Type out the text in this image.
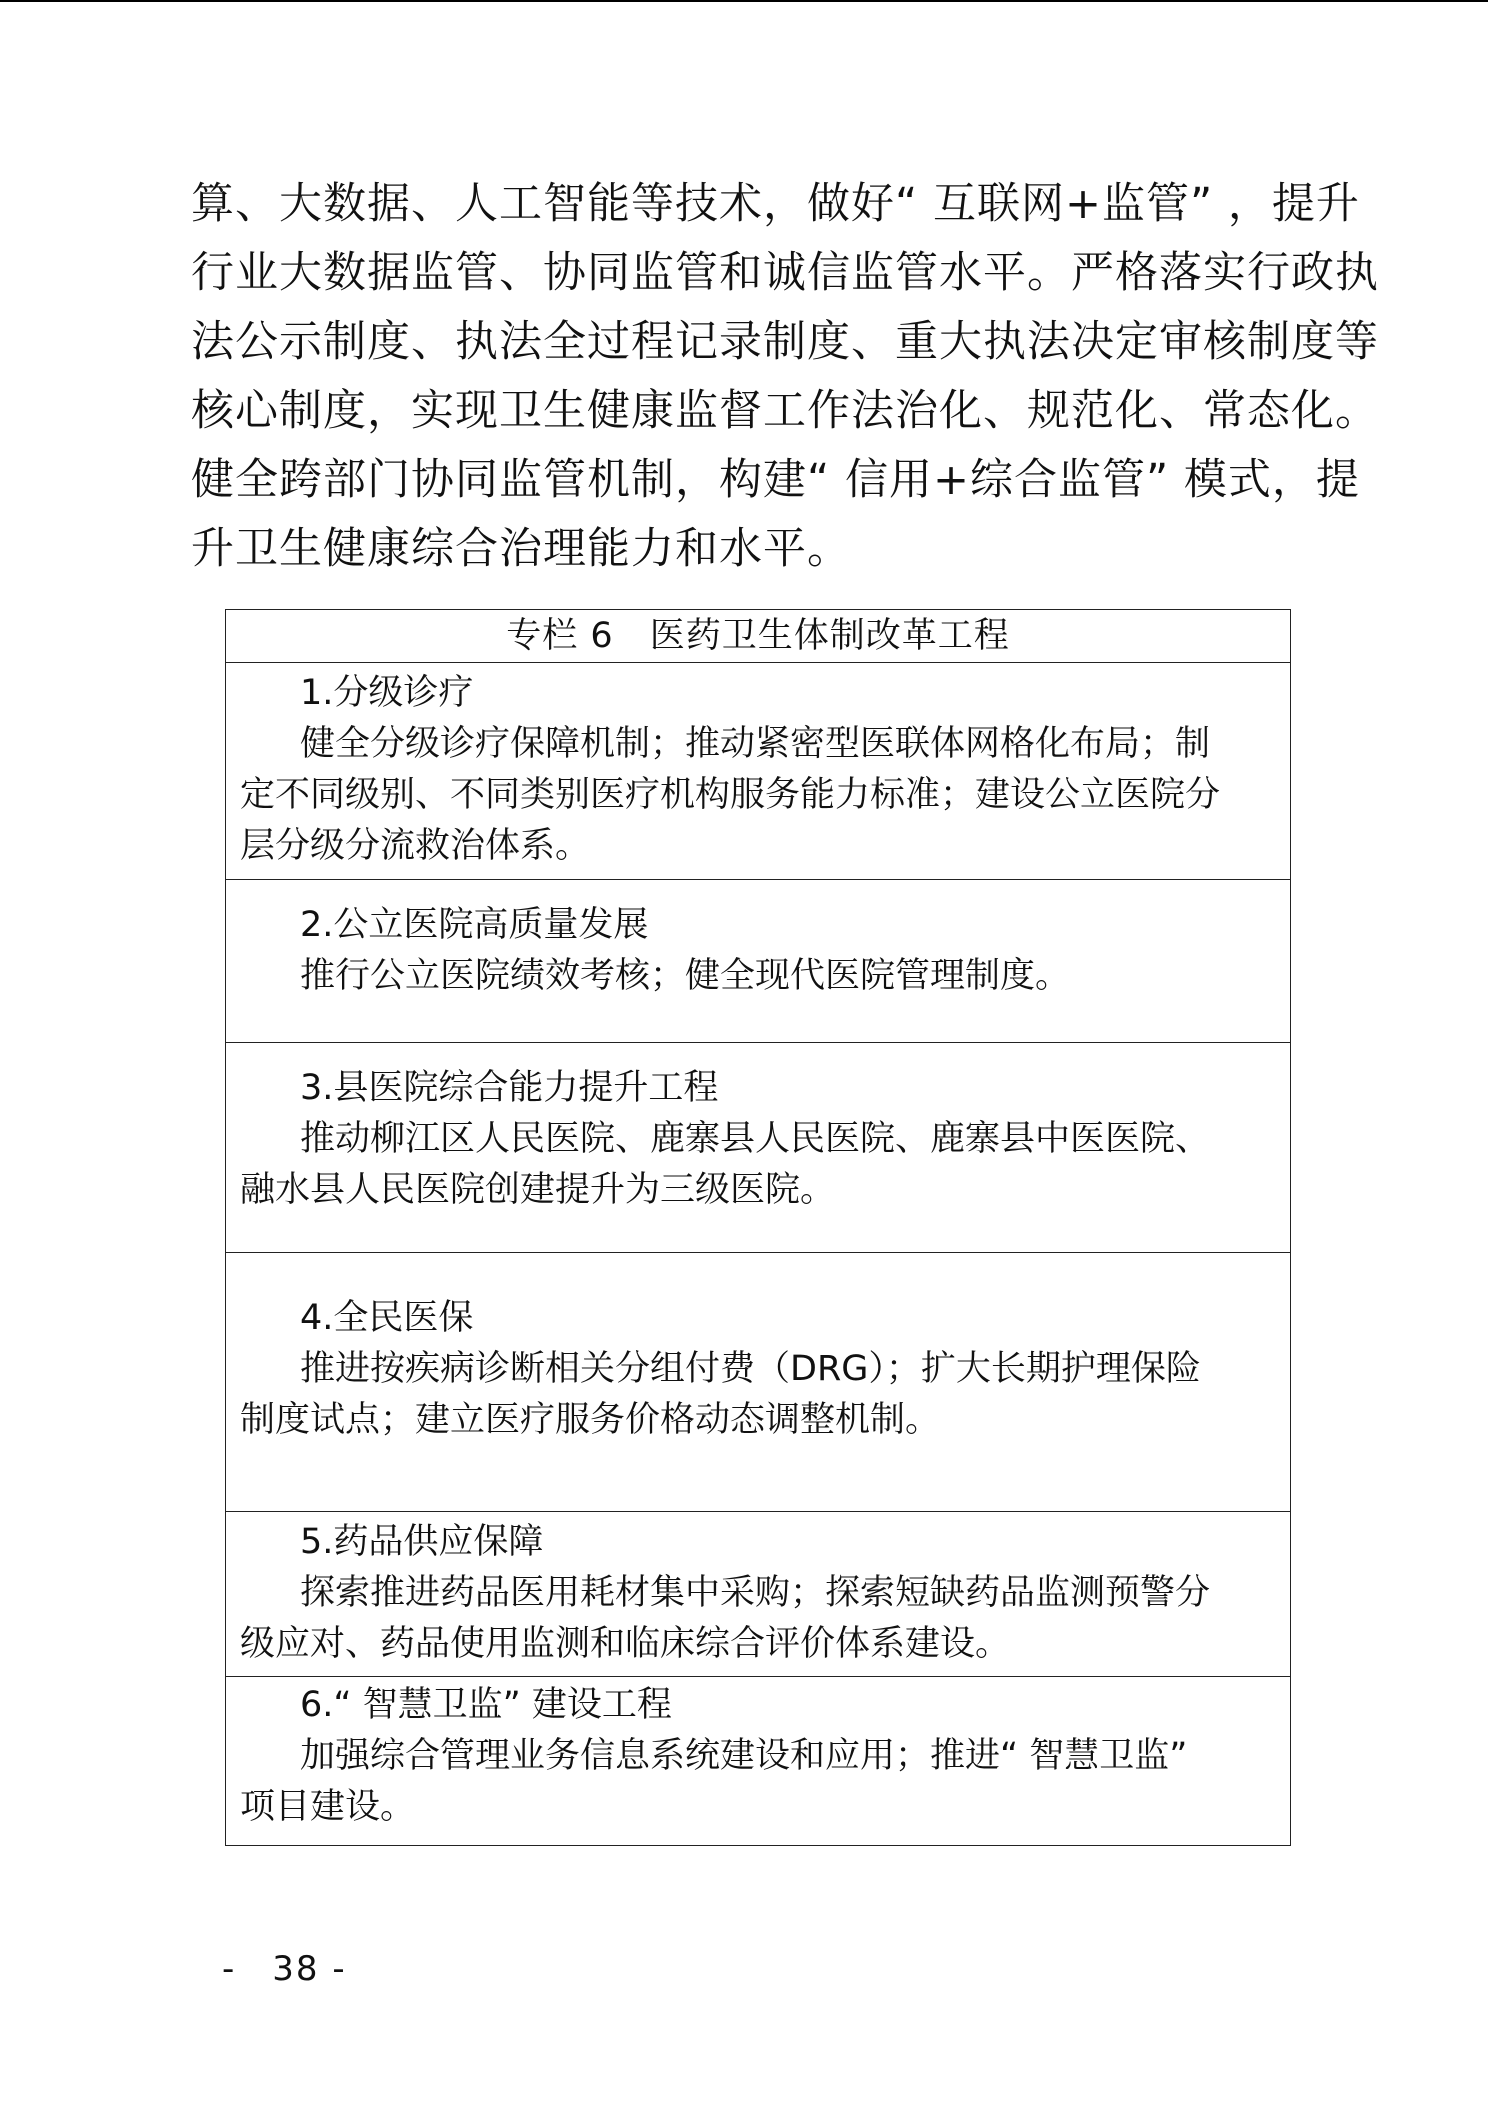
算、大数据、人工智能等技术，做好“ 互联网+监管” ，提升
行业大数据监管、协同监管和诚信监管水平。严格落实行政执
法公示制度、执法全过程记录制度、重大执法决定审核制度等
核心制度，实现卫生健康监督工作法治化、规范化、常态化。
健全跨部门协同监管机制，构建“ 信用+综合监管” 模式，提
升卫生健康综合治理能力和水平。
专栏 6　医药卫生体制改革工程

1.分级诊疗
健全分级诊疗保障机制；推动紧密型医联体网格化布局；制
定不同级别、不同类别医疗机构服务能力标准；建设公立医院分
层分级分流救治体系。

2.公立医院高质量发展
推行公立医院绩效考核；健全现代医院管理制度。

3.县医院综合能力提升工程
推动柳江区人民医院、鹿寨县人民医院、鹿寨县中医医院、
融水县人民医院创建提升为三级医院。

4.全民医保
推进按疾病诊断相关分组付费（DRG）；扩大长期护理保险
制度试点；建立医疗服务价格动态调整机制。

5.药品供应保障
探索推进药品医用耗材集中采购；探索短缺药品监测预警分
级应对、药品使用监测和临床综合评价体系建设。

6.“ 智慧卫监” 建设工程
加强综合管理业务信息系统建设和应用；推进“ 智慧卫监”
项目建设。
-　38 -
